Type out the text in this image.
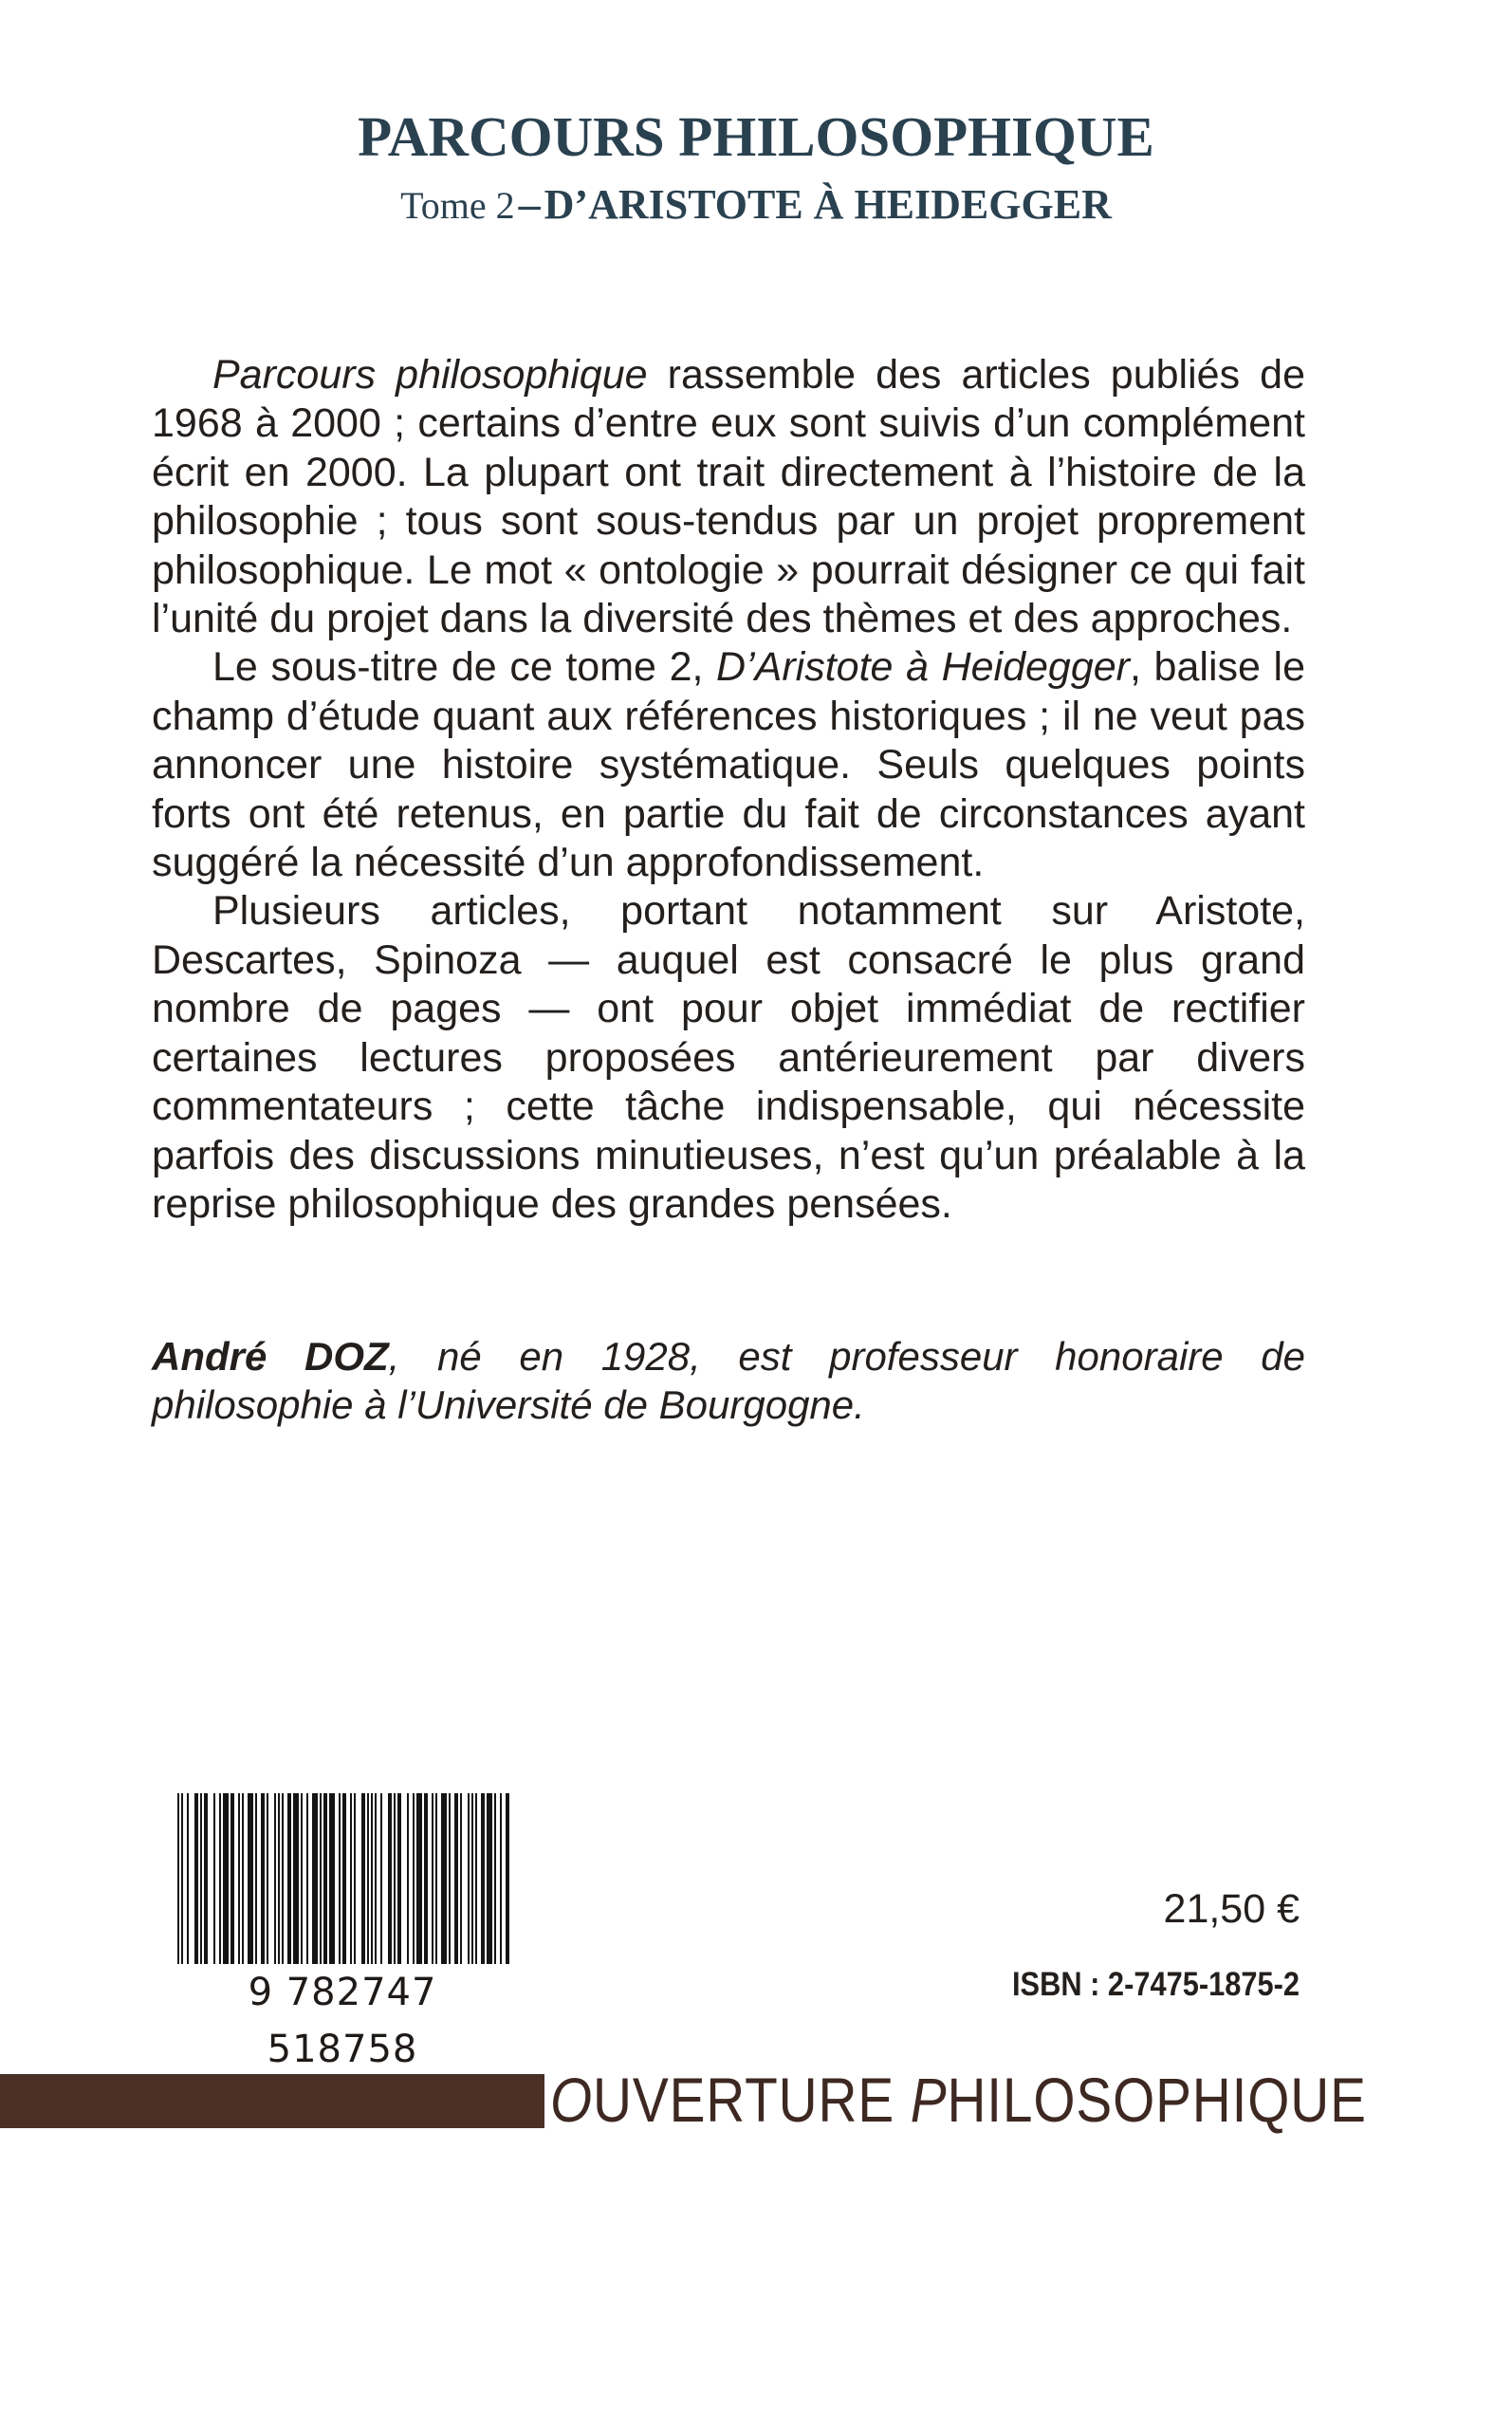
PARCOURS PHILOSOPHIQUE
Tome 2 – D’ARISTOTE À HEIDEGGER

Parcours philosophique rassemble des articles publiés de 1968 à 2000 ; certains d’entre eux sont suivis d’un complément écrit en 2000. La plupart ont trait directement à l’histoire de la philosophie ; tous sont sous-tendus par un projet proprement philosophique. Le mot « ontologie » pourrait désigner ce qui fait l’unité du projet dans la diversité des thèmes et des approches.

Le sous-titre de ce tome 2, D’Aristote à Heidegger, balise le champ d’étude quant aux références historiques ; il ne veut pas annoncer une histoire systématique. Seuls quelques points forts ont été retenus, en partie du fait de circonstances ayant suggéré la nécessité d’un approfondissement.

Plusieurs articles, portant notamment sur Aristote, Descartes, Spinoza — auquel est consacré le plus grand nombre de pages — ont pour objet immédiat de rectifier certaines lectures proposées antérieurement par divers commentateurs ; cette tâche indispensable, qui nécessite parfois des discussions minutieuses, n’est qu’un préalable à la reprise philosophique des grandes pensées.

André DOZ, né en 1928, est professeur honoraire de philosophie à l’Université de Bourgogne.

9 782747 518758
21,50 €
ISBN : 2-7475-1875-2
OUVERTURE PHILOSOPHIQUE
